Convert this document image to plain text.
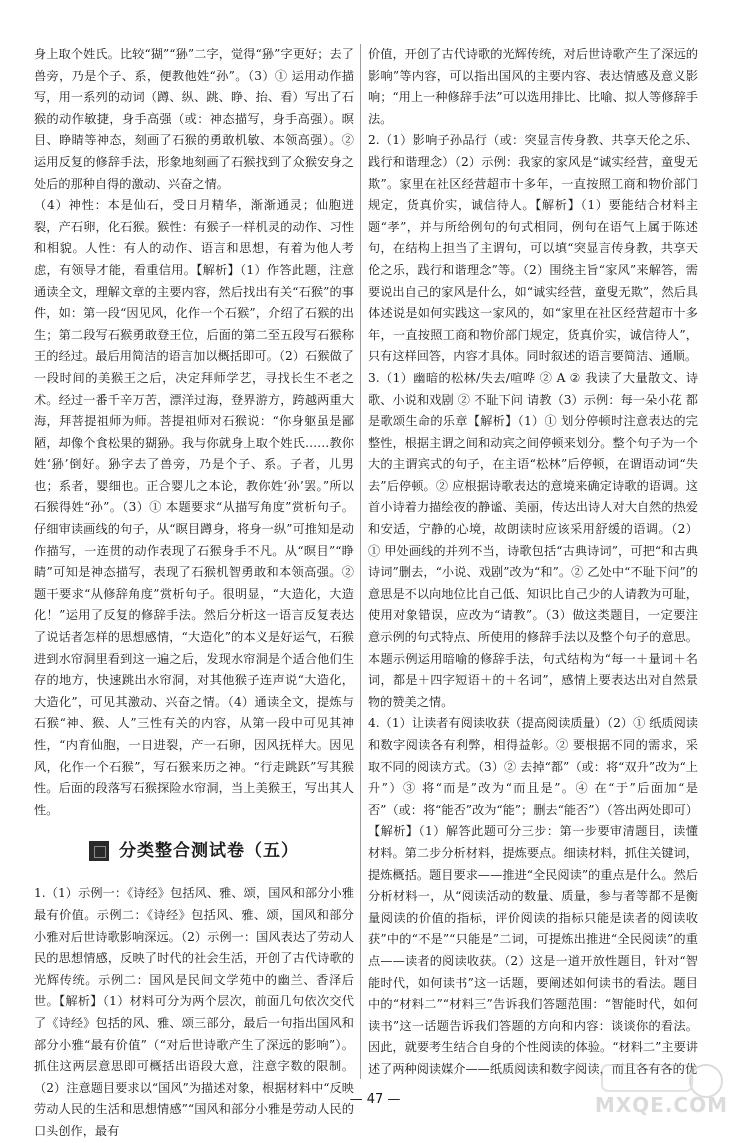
身上取个姓氏。比较“猢”“狲”二字，觉得“狲”字更好；去了兽旁，乃是个子、系，便教他姓“孙”。（3）① 运用动作描写，用一系列的动词（蹲、纵、跳、睁、抬、看）写出了石猴的动作敏捷，身手高强（或：神态描写，身手高强）。暝目、睁睛等神态，刻画了石猴的勇敢机敏、本领高强）。② 运用反复的修辞手法，形象地刻画了石猴找到了众猴安身之处后的那种自得的激动、兴奋之情。

（4）神性：本是仙石，受日月精华，渐渐通灵；仙胞迸裂，产石卵，化石猴。猴性：有猴子一样机灵的动作、习性和相貌。人性：有人的动作、语言和思想，有着为他人考虑，有领导才能，看重信用。【解析】（1）作答此题，注意通读全文，理解文章的主要内容，然后找出有关“石猴”的事件，如：第一段“因见风，化作一个石猴”，介绍了石猴的出生；第二段写石猴勇敢登王位，后面的第二至五段写石猴称王的经过。最后用简洁的语言加以概括即可。（2）石猴做了一段时间的美猴王之后，决定拜师学艺，寻找长生不老之术。经过一番千辛万苦，漂洋过海，登界游方，跨越两重大海，拜菩提祖师为师。菩提祖师对石猴说：“你身躯虽是鄙陋，却像个食松果的猢狲。我与你就身上取个姓氏……教你姓‘狲’倒好。狲字去了兽旁，乃是个子、系。子者，儿男也；系者，婴细也。正合婴儿之本论，教你姓‘孙’罢。”所以石猴得姓“孙”。（3）① 本题要求“从描写角度”赏析句子。仔细审读画线的句子，从“瞑目蹲身，将身一纵”可推知是动作描写，一连贯的动作表现了石猴身手不凡。从“暝目”“睁睛”可知是神态描写，表现了石猴机智勇敢和本领高强。② 题干要求“从修辞角度”赏析句子。很明显，“大造化，大造化！”运用了反复的修辞手法。然后分析这一语言反复表达了说话者怎样的思想感情，“大造化”的本义是好运气，石猴进到水帘洞里看到这一遍之后，发现水帘洞是个适合他们生存的地方，快速跳出水帘洞，对其他猴子连声说“大造化，大造化”，可见其激动、兴奋之情。（4）通读全文，提炼与石猴“神、猴、人”三性有关的内容，从第一段中可见其神性，“内育仙胞，一日进裂，产一石卵，因风抚样大。因见风，化作一个石猴”，写石猴来历之神。“行走跳跃”写其猴性。后面的段落写石猴探险水帘洞，当上美猴王，写出其人性。

分类整合测试卷（五）

1.（1）示例一：《诗经》包括风、雅、颂，国风和部分小雅最有价值。示例二：《诗经》包括风、雅、颂，国风和部分小雅对后世诗歌影响深远。（2）示例一：国风表达了劳动人民的思想情感，反映了时代的社会生活，开创了古代诗歌的光辉传统。示例二：国风是民间文学苑中的幽兰、香泽后世。【解析】（1）材料可分为两个层次，前面几句依次交代了《诗经》包括的风、雅、颂三部分，最后一句指出国风和部分小雅“最有价值”（“对后世诗歌产生了深远的影响”）。抓住这两层意思即可概括出语段大意，注意字数的限制。（2）注意题目要求以“国风”为描述对象，根据材料中“反映劳动人民的生活和思想情感”“国风和部分小雅是劳动人民的口头创作，最有

价值，开创了古代诗歌的光辉传统，对后世诗歌产生了深远的影响”等内容，可以指出国风的主要内容、表达情感及意义影响；“用上一种修辞手法”可以选用排比、比喻、拟人等修辞手法。

2.（1）影响子孙品行（或：突显言传身教、共享天伦之乐、践行和谐理念）（2）示例：我家的家风是“诚实经营，童叟无欺”。家里在社区经营超市十多年，一直按照工商和物价部门规定，货真价实，诚信待人。【解析】（1）要能结合材料主题“孝”，并与所给例句的句式相同，例句在语气上属于陈述句，在结构上担当了主谓句，可以填“突显言传身教，共享天伦之乐，践行和谐理念”等。（2）围绕主旨“家风”来解答，需要说出自己的家风是什么，如“诚实经营，童叟无欺”，然后具体述说是如何实践这一家风的，如“家里在社区经营超市十多年，一直按照工商和物价部门规定，货真价实，诚信待人”，只有这样回答，内容才具体。同时叙述的语言要简洁、通顺。

3.（1）幽暗的松林/失去/喧哗 ② A ② 我读了大量散文、诗歌、小说和戏剧 ② 不耻下问 请教（3）示例：每一朵小花 都是歌颂生命的乐章【解析】（1）① 划分停顿时注意表达的完整性，根据主谓之间和动宾之间停顿来划分。整个句子为一个大的主谓宾式的句子，在主语“松林”后停顿，在谓语动词“失去”后停顿。② 应根据诗歌表达的意境来确定诗歌的语调。这首小诗着力描绘夜的静谧、美丽，传达出诗人对大自然的热爱和安适，宁静的心境，故朗读时应该采用舒缓的语调。（2）① 甲处画线的并列不当，诗歌包括“古典诗词”，可把“和古典诗词”删去，“小说、戏剧”改为“和”。② 乙处中“不耻下问”的意思是不以向地位比自己低、知识比自己少的人请教为可耻，使用对象错误，应改为“请教”。（3）做这类题目，一定要注意示例的句式特点、所使用的修辞手法以及整个句子的意思。本题示例运用暗喻的修辞手法，句式结构为“每一＋量词＋名词，都是＋四字短语＋的＋名词”，感情上要表达出对自然景物的赞美之情。

4.（1）让读者有阅读收获（提高阅读质量）（2）① 纸质阅读和数字阅读各有利弊，相得益彰。② 要根据不同的需求，采取不同的阅读方式。（3）② 去掉“都”（或：将“双升”改为“上升”）③ 将“而是”改为“而且是”。④ 在“于”后面加“是否”（或：将“能否”改为“能”；删去“能否”）（答出两处即可）【解析】（1）解答此题可分三步：第一步要审清题目，读懂材料。第二步分析材料，提炼要点。细读材料，抓住关键词，提炼概括。题目要求——推进“全民阅读”的重点是什么。然后分析材料一，从“阅读活动的数量、质量，参与者等都不是衡量阅读的价值的指标，评价阅读的指标只能是读者的阅读收获”中的“不是”“只能是”二词，可提炼出推进“全民阅读”的重点——读者的阅读收获。（2）这是一道开放性题目，针对“智能时代，如何读书”这一话题，要阐述如何读书的看法。题目中的“材料二”“材料三”告诉我们答题范围：“智能时代，如何读书”这一话题告诉我们答题的方向和内容：谈谈你的看法。因此，就要考生结合自身的个性阅读的体验。“材料二”主要讲述了两种阅读媒介——纸质阅读和数字阅读，而且各有各的优

— 47 —	MXQE.COM
